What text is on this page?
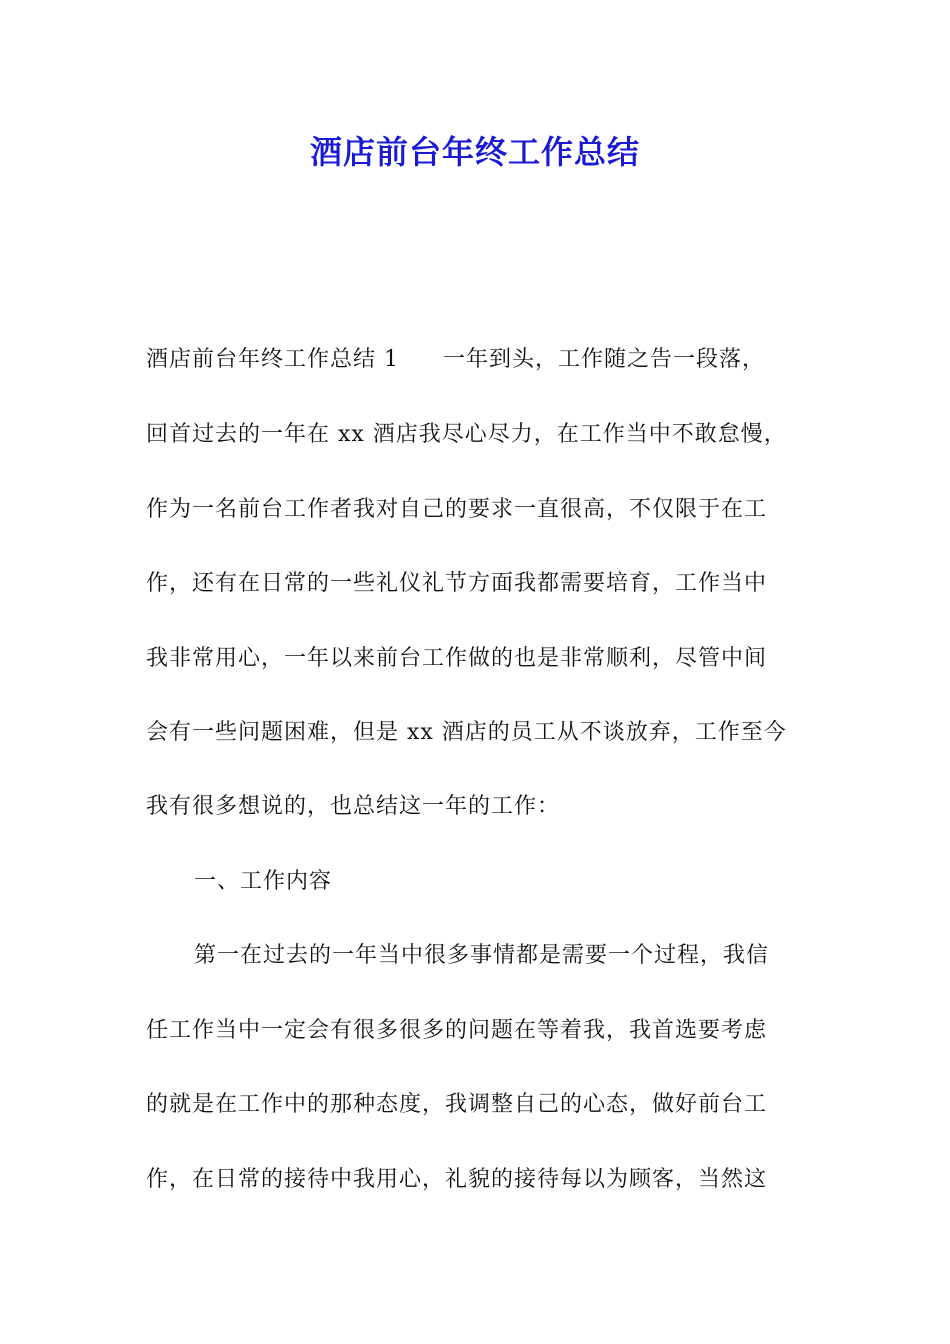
酒店前台年终工作总结
酒店前台年终工作总结 1 一年到头，工作随之告一段落，
回首过去的一年在 xx 酒店我尽心尽力，在工作当中不敢怠慢，
作为一名前台工作者我对自己的要求一直很高，不仅限于在工
作，还有在日常的一些礼仪礼节方面我都需要培育，工作当中
我非常用心，一年以来前台工作做的也是非常顺利，尽管中间
会有一些问题困难，但是 xx 酒店的员工从不谈放弃，工作至今
我有很多想说的，也总结这一年的工作：
一、工作内容
第一在过去的一年当中很多事情都是需要一个过程，我信
任工作当中一定会有很多很多的问题在等着我，我首选要考虑
的就是在工作中的那种态度，我调整自己的心态，做好前台工
作，在日常的接待中我用心，礼貌的接待每以为顾客，当然这
